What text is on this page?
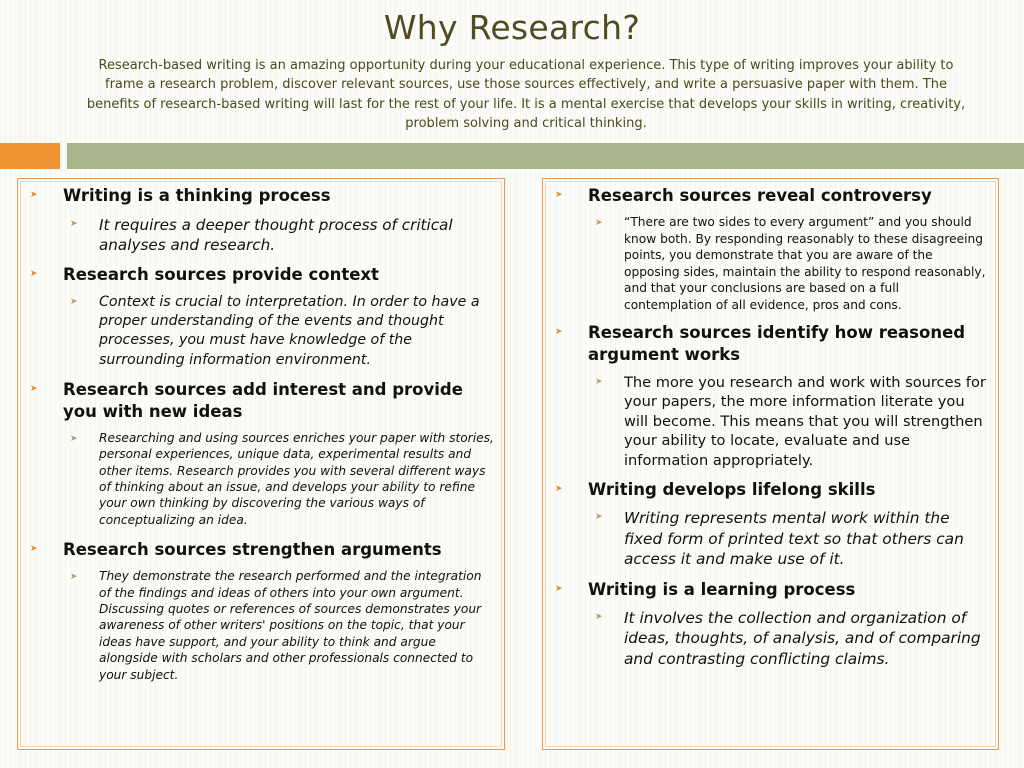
Why Research?
Research-based writing is an amazing opportunity during your educational experience. This type of writing improves your ability to frame a research problem, discover relevant sources, use those sources effectively, and write a persuasive paper with them. The benefits of research-based writing will last for the rest of your life. It is a mental exercise that develops your skills in writing, creativity, problem solving and critical thinking.
➤ Writing is a thinking process
➤ It requires a deeper thought process of critical analyses and research.
➤ Research sources provide context
➤ Context is crucial to interpretation. In order to have a proper understanding of the events and thought processes, you must have knowledge of the surrounding information environment.
➤ Research sources add interest and provide you with new ideas
➤ Researching and using sources enriches your paper with stories, personal experiences, unique data, experimental results and other items. Research provides you with several different ways of thinking about an issue, and develops your ability to refine your own thinking by discovering the various ways of conceptualizing an idea.
➤ Research sources strengthen arguments
➤ They demonstrate the research performed and the integration of the findings and ideas of others into your own argument. Discussing quotes or references of sources demonstrates your awareness of other writers' positions on the topic, that your ideas have support, and your ability to think and argue alongside with scholars and other professionals connected to your subject.
➤ Research sources reveal controversy
➤ “There are two sides to every argument” and you should know both. By responding reasonably to these disagreeing points, you demonstrate that you are aware of the opposing sides, maintain the ability to respond reasonably, and that your conclusions are based on a full contemplation of all evidence, pros and cons.
➤ Research sources identify how reasoned argument works
➤ The more you research and work with sources for your papers, the more information literate you will become. This means that you will strengthen your ability to locate, evaluate and use information appropriately.
➤ Writing develops lifelong skills
➤ Writing represents mental work within the fixed form of printed text so that others can access it and make use of it.
➤ Writing is a learning process
➤ It involves the collection and organization of ideas, thoughts, of analysis, and of comparing and contrasting conflicting claims.
